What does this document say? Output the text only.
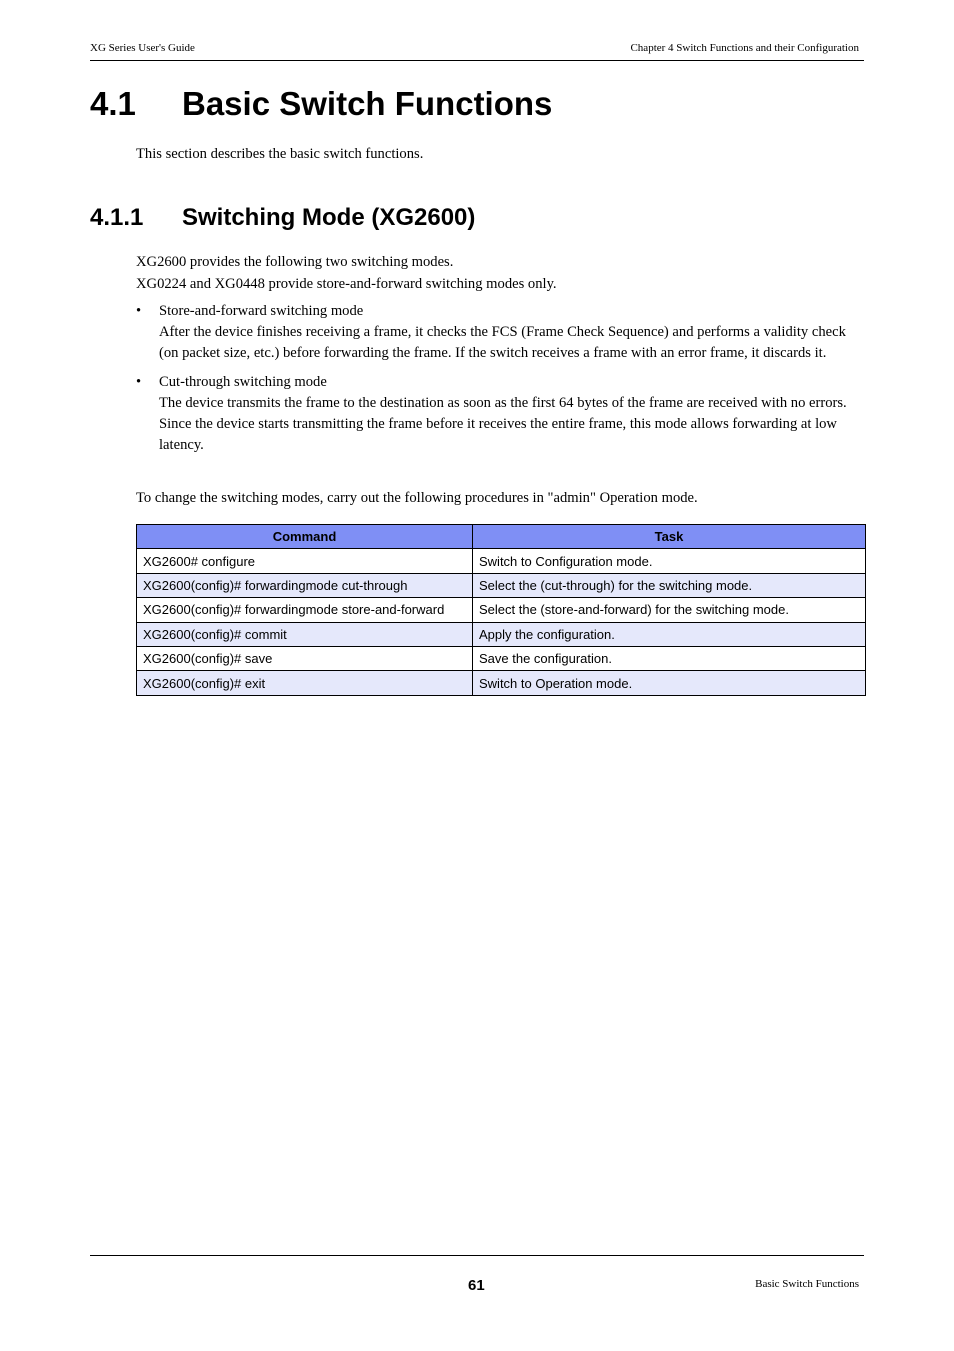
XG Series User's Guide	Chapter 4 Switch Functions and their Configuration
4.1 Basic Switch Functions

This section describes the basic switch functions.

4.1.1 Switching Mode (XG2600)

XG2600 provides the following two switching modes.

XG0224 and XG0448 provide store-and-forward switching modes only.

• Store-and-forward switching mode
After the device finishes receiving a frame, it checks the FCS (Frame Check Sequence) and performs a validity check
(on packet size, etc.) before forwarding the frame. If the switch receives a frame with an error frame, it discards it.
• Cut-through switching mode
The device transmits the frame to the destination as soon as the first 64 bytes of the frame are received with no errors.
Since the device starts transmitting the frame before it receives the entire frame, this mode allows forwarding at low
latency.

To change the switching modes, carry out the following procedures in "admin" Operation mode.

Command	Task
XG2600# configure	Switch to Configuration mode.
XG2600(config)# forwardingmode cut-through	Select the (cut-through) for the switching mode.
XG2600(config)# forwardingmode store-and-forward	Select the (store-and-forward) for the switching mode.
XG2600(config)# commit	Apply the configuration.
XG2600(config)# save	Save the configuration.
XG2600(config)# exit	Switch to Operation mode.
61	Basic Switch Functions
